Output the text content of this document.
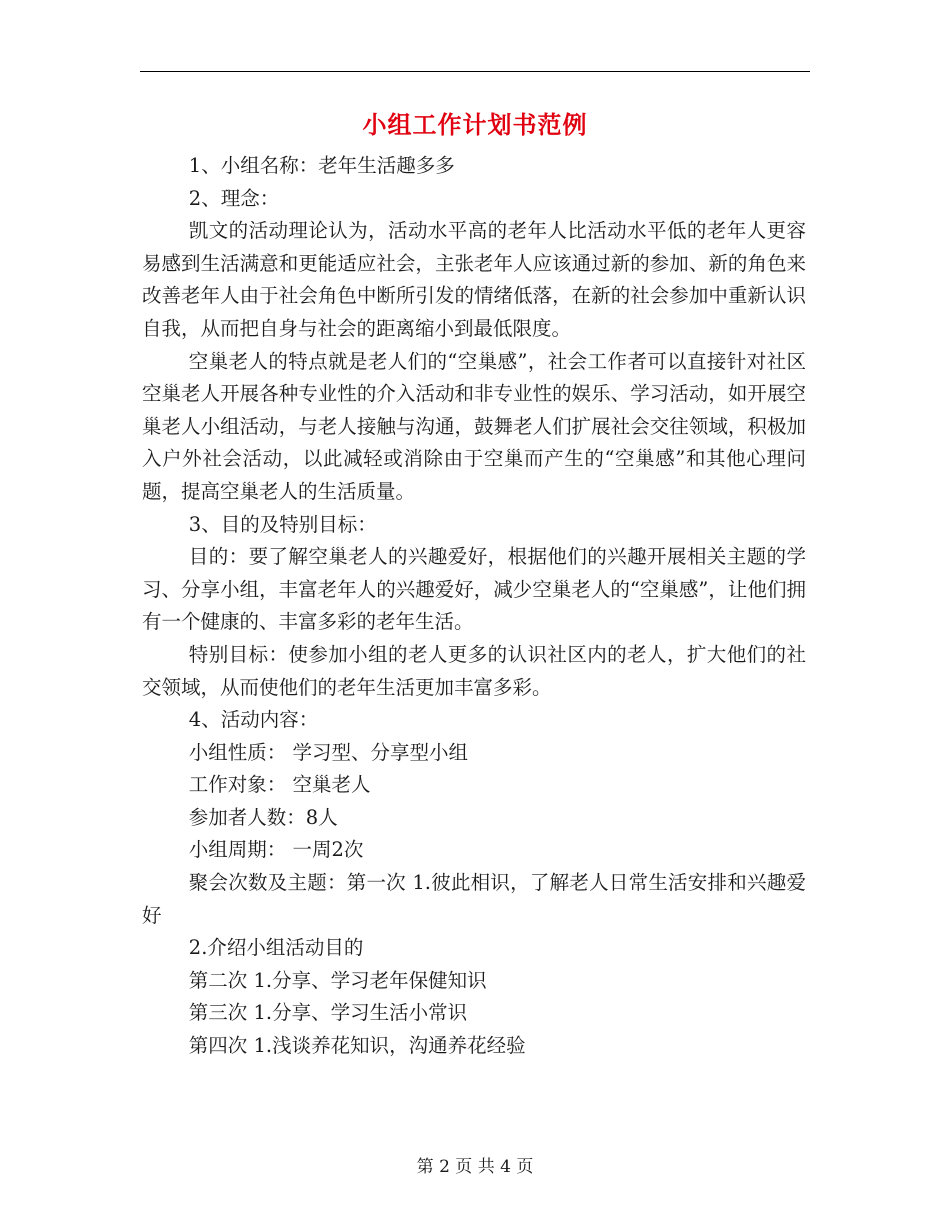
小组工作计划书范例

1、小组名称：老年生活趣多多

2、理念：

凯文的活动理论认为，活动水平高的老年人比活动水平低的老年人更容易感到生活满意和更能适应社会，主张老年人应该通过新的参加、新的角色来改善老年人由于社会角色中断所引发的情绪低落，在新的社会参加中重新认识自我，从而把自身与社会的距离缩小到最低限度。

空巢老人的特点就是老人们的“空巢感”，社会工作者可以直接针对社区空巢老人开展各种专业性的介入活动和非专业性的娱乐、学习活动，如开展空巢老人小组活动，与老人接触与沟通，鼓舞老人们扩展社会交往领域，积极加入户外社会活动，以此减轻或消除由于空巢而产生的“空巢感”和其他心理问题，提高空巢老人的生活质量。

3、目的及特别目标：

目的：要了解空巢老人的兴趣爱好，根据他们的兴趣开展相关主题的学习、分享小组，丰富老年人的兴趣爱好，减少空巢老人的“空巢感”，让他们拥有一个健康的、丰富多彩的老年生活。

特别目标：使参加小组的老人更多的认识社区内的老人，扩大他们的社交领域，从而使他们的老年生活更加丰富多彩。

4、活动内容：

小组性质： 学习型、分享型小组

工作对象： 空巢老人

参加者人数：8人

小组周期： 一周2次

聚会次数及主题：第一次 1.彼此相识，了解老人日常生活安排和兴趣爱好

2.介绍小组活动目的

第二次 1.分享、学习老年保健知识

第三次 1.分享、学习生活小常识

第四次 1.浅谈养花知识，沟通养花经验

第 2 页 共 4 页
